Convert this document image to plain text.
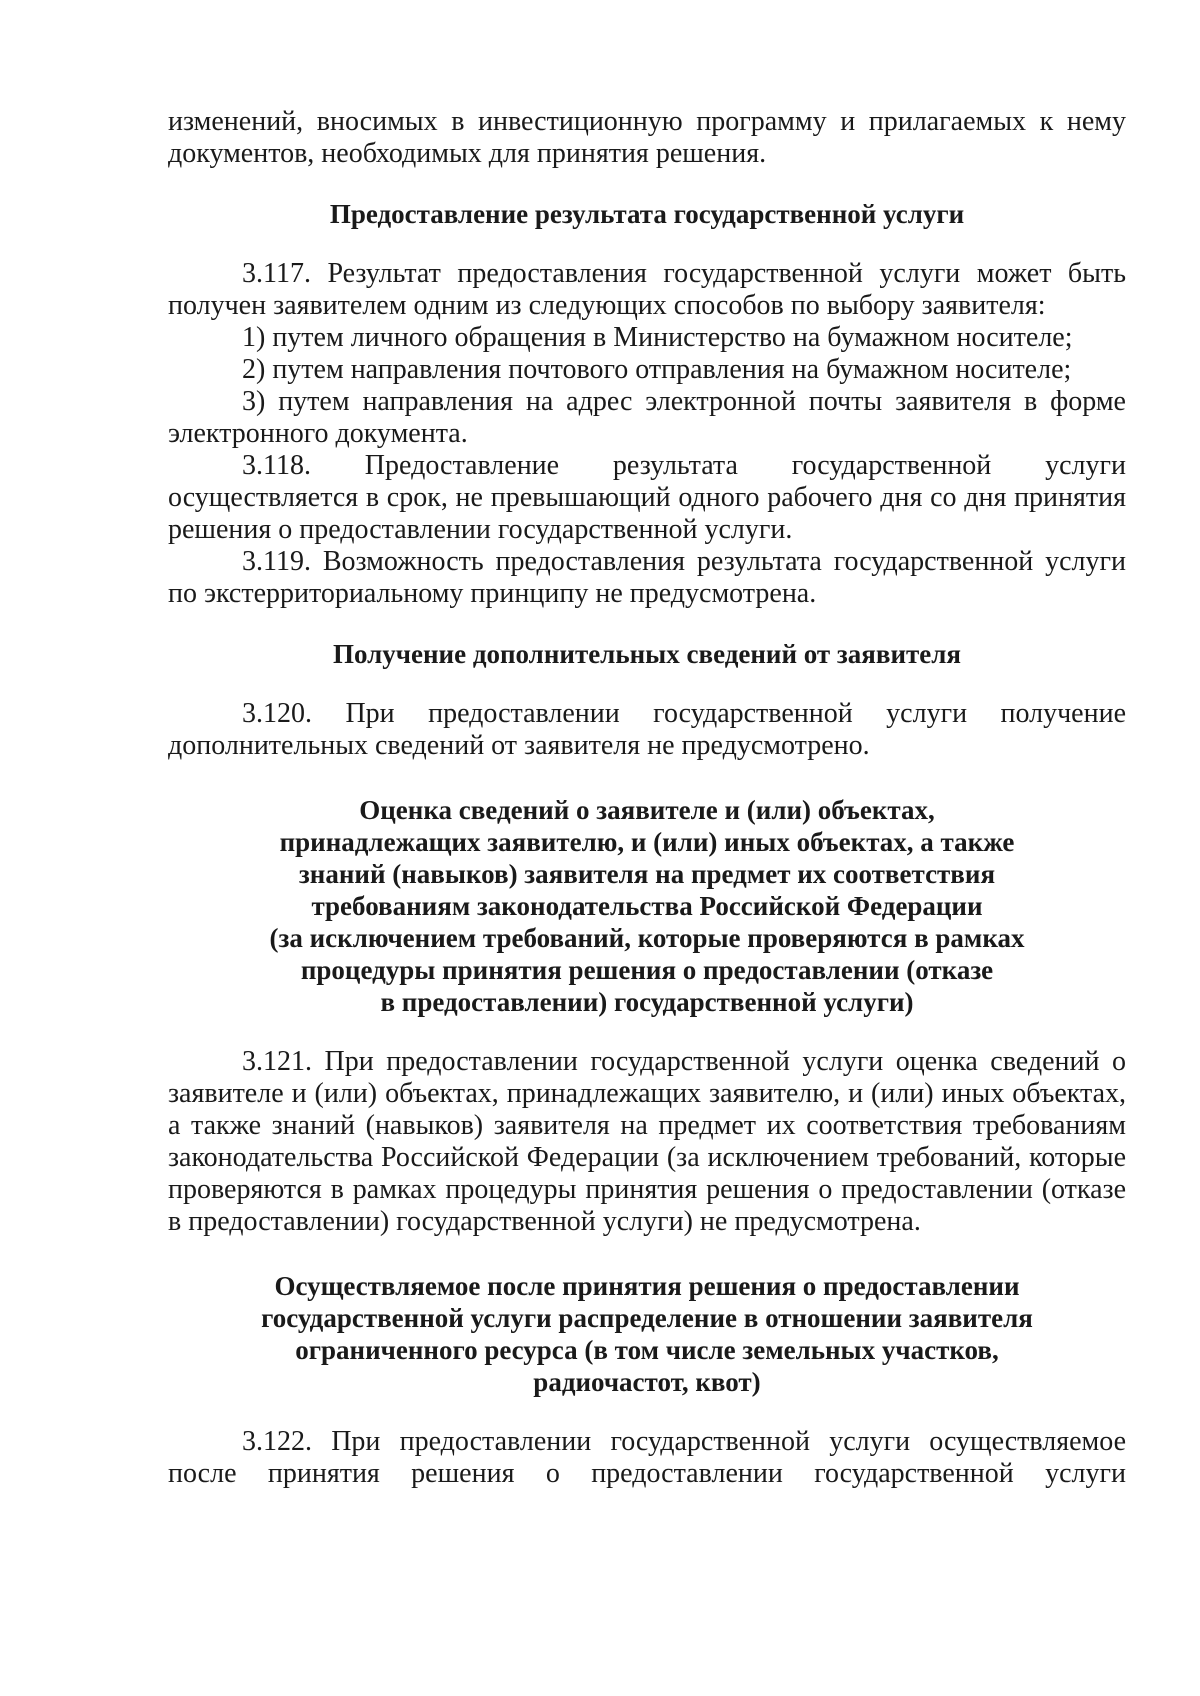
изменений, вносимых в инвестиционную программу и прилагаемых к нему документов, необходимых для принятия решения.

Предоставление результата государственной услуги

3.117. Результат предоставления государственной услуги может быть получен заявителем одним из следующих способов по выбору заявителя:

1) путем личного обращения в Министерство на бумажном носителе;

2) путем направления почтового отправления на бумажном носителе;

3) путем направления на адрес электронной почты заявителя в форме электронного документа.

3.118. Предоставление результата государственной услуги осуществляется в срок, не превышающий одного рабочего дня со дня принятия решения о предоставлении государственной услуги.

3.119. Возможность предоставления результата государственной услуги по экстерриториальному принципу не предусмотрена.

Получение дополнительных сведений от заявителя

3.120. При предоставлении государственной услуги получение дополнительных сведений от заявителя не предусмотрено.

Оценка сведений о заявителе и (или) объектах,

принадлежащих заявителю, и (или) иных объектах, а также

знаний (навыков) заявителя на предмет их соответствия

требованиям законодательства Российской Федерации

(за исключением требований, которые проверяются в рамках

процедуры принятия решения о предоставлении (отказе

в предоставлении) государственной услуги)

3.121. При предоставлении государственной услуги оценка сведений о заявителе и (или) объектах, принадлежащих заявителю, и (или) иных объектах, а также знаний (навыков) заявителя на предмет их соответствия требованиям законодательства Российской Федерации (за исключением требований, которые проверяются в рамках процедуры принятия решения о предоставлении (отказе в предоставлении) государственной услуги) не предусмотрена.

Осуществляемое после принятия решения о предоставлении

государственной услуги распределение в отношении заявителя

ограниченного ресурса (в том числе земельных участков,

радиочастот, квот)

3.122. При предоставлении государственной услуги осуществляемое после принятия решения о предоставлении государственной услуги
